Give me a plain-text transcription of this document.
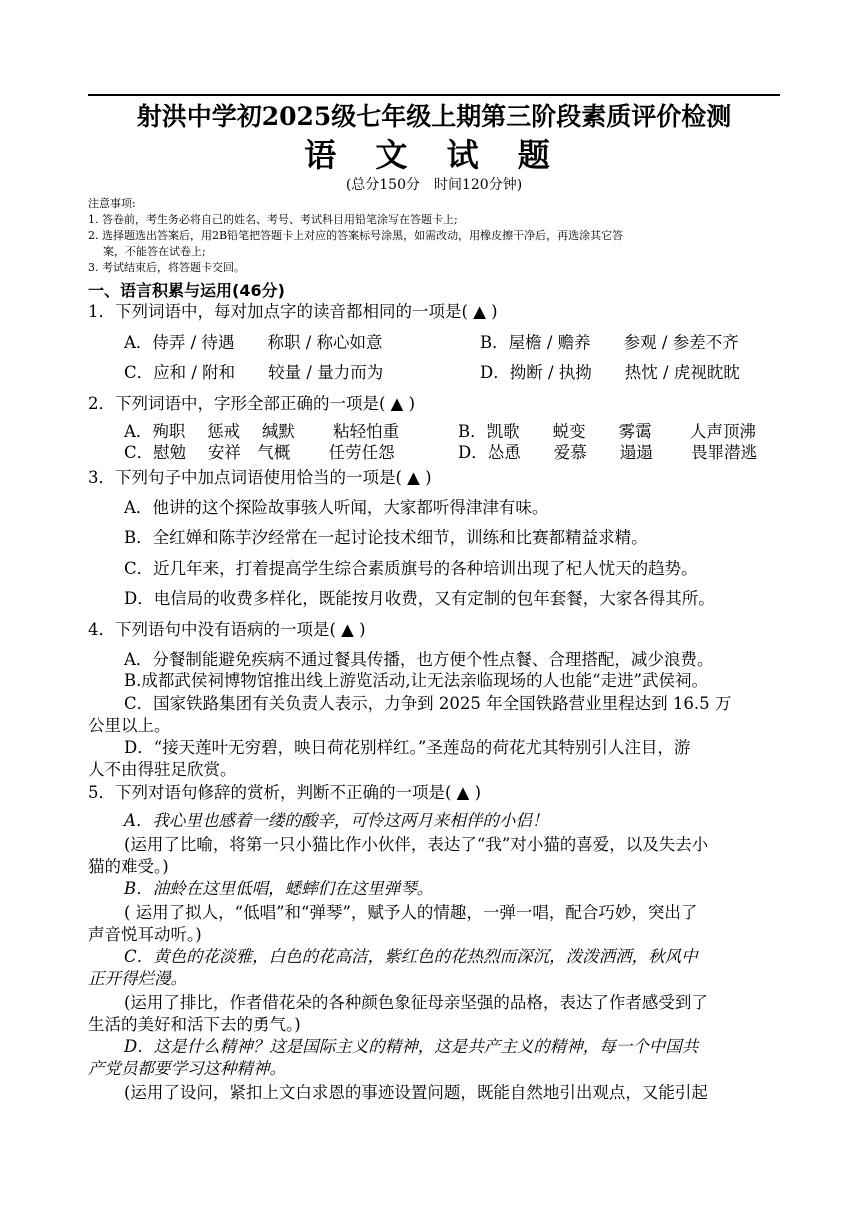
射洪中学初2025级七年级上期第三阶段素质评价检测
语 文 试 题
(总分150分　时间120分钟)
注意事项:
1. 答卷前，考生务必将自己的姓名、考号、考试科目用铅笔涂写在答题卡上;
2. 选择题选出答案后，用2B铅笔把答题卡上对应的答案标号涂黑，如需改动，用橡皮擦干净后，再选涂其它答
案，不能答在试卷上;
3. 考试结束后，将答题卡交回。
一、语言积累与运用(46分)
1．下列词语中，每对加点字的读音都相同的一项是( ▲ )
A．侍弄 / 待遇　　称职 / 称心如意	B．屋檐 / 赡养　　参观 / 参差不齐
C．应和 / 附和　　较量 / 量力而为	D．拗断 / 执拗　　热忱 / 虎视眈眈
2．下列词语中，字形全部正确的一项是( ▲ )
A．殉职　 惩戒　 缄默　　 粘轻怕重	B．凯歌　　蜕变　　雾霭　　 人声顶沸
C．慰勉　 安祥　气概　　 任劳任怨	D．怂恿　　爱慕　　遢遢　　 畏罪潜逃
3．下列句子中加点词语使用恰当的一项是( ▲ )
A．他讲的这个探险故事骇人听闻，大家都听得津津有味。
B．全红婵和陈芋汐经常在一起讨论技术细节，训练和比赛都精益求精。
C．近几年来，打着提高学生综合素质旗号的各种培训出现了杞人忧天的趋势。
D．电信局的收费多样化，既能按月收费，又有定制的包年套餐，大家各得其所。
4．下列语句中没有语病的一项是( ▲ )
A．分餐制能避免疾病不通过餐具传播，也方便个性点餐、合理搭配，减少浪费。
B.成都武侯祠博物馆推出线上游览活动,让无法亲临现场的人也能“走进”武侯祠。
C．国家铁路集团有关负责人表示，力争到 2025 年全国铁路营业里程达到 16.5 万
公里以上。
D．“接天莲叶无穷碧，映日荷花别样红。”圣莲岛的荷花尤其特别引人注目，游
人不由得驻足欣赏。
5．下列对语句修辞的赏析，判断不正确的一项是( ▲ )
A．我心里也感着一缕的酸辛，可怜这两月来相伴的小侣！
(运用了比喻，将第一只小猫比作小伙伴，表达了“我”对小猫的喜爱，以及失去小
猫的难受。)
B．油蛉在这里低唱，蟋蟀们在这里弹琴。
( 运用了拟人，“低唱”和“弹琴”，赋予人的情趣，一弹一唱，配合巧妙，突出了
声音悦耳动听。)
C．黄色的花淡雅，白色的花高洁，紫红色的花热烈而深沉，泼泼洒洒，秋风中
正开得烂漫。
(运用了排比，作者借花朵的各种颜色象征母亲坚强的品格，表达了作者感受到了
生活的美好和活下去的勇气。)
D．这是什么精神？这是国际主义的精神，这是共产主义的精神，每一个中国共
产党员都要学习这种精神。
(运用了设问，紧扣上文白求恩的事迹设置问题，既能自然地引出观点，又能引起
